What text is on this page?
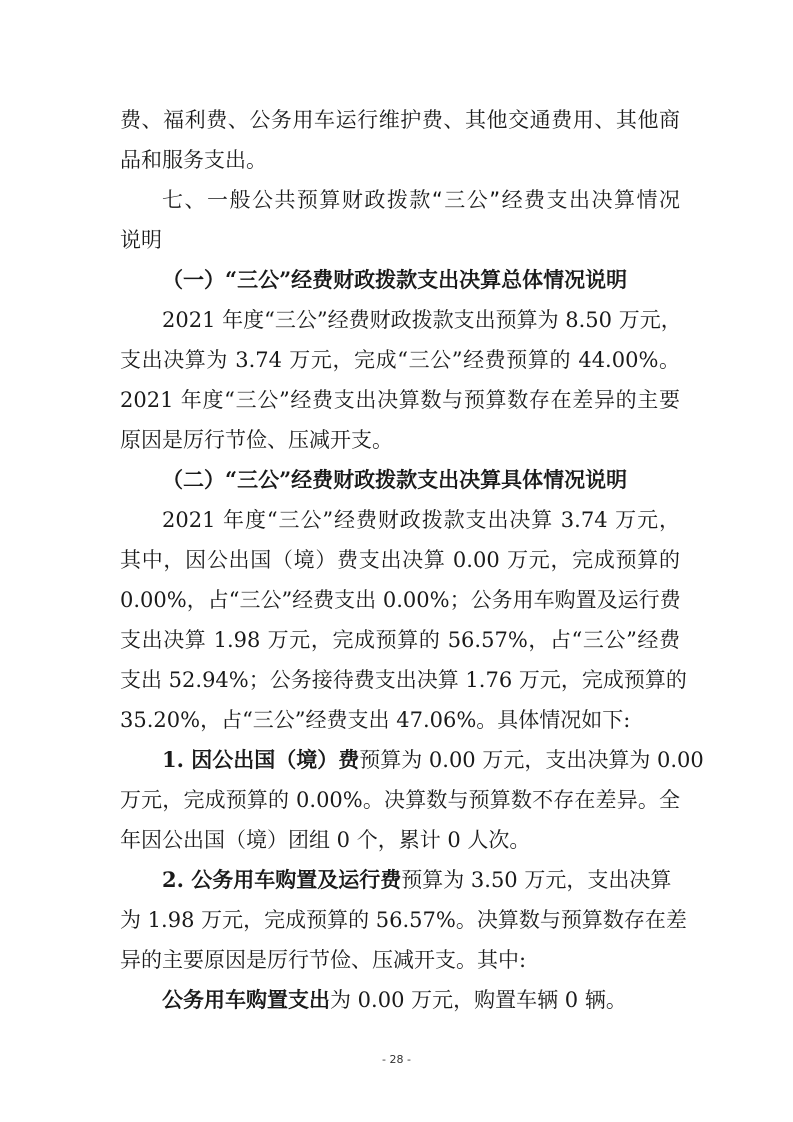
费、福利费、公务用车运行维护费、其他交通费用、其他商
品和服务支出。
七、一般公共预算财政拨款“三公”经费支出决算情况
说明
（一）“三公”经费财政拨款支出决算总体情况说明
2021 年度“三公”经费财政拨款支出预算为 8.50 万元，
支出决算为 3.74 万元，完成“三公”经费预算的 44.00%。
2021 年度“三公”经费支出决算数与预算数存在差异的主要
原因是厉行节俭、压减开支。
（二）“三公”经费财政拨款支出决算具体情况说明
2021 年度“三公”经费财政拨款支出决算 3.74 万元，
其中，因公出国（境）费支出决算 0.00 万元，完成预算的
0.00%，占“三公”经费支出 0.00%；公务用车购置及运行费
支出决算 1.98 万元，完成预算的 56.57%，占“三公”经费
支出 52.94%；公务接待费支出决算 1.76 万元，完成预算的
35.20%，占“三公”经费支出 47.06%。具体情况如下:
1. 因公出国（境）费预算为 0.00 万元，支出决算为 0.00
万元，完成预算的 0.00%。决算数与预算数不存在差异。全
年因公出国（境）团组 0 个，累计 0 人次。
2. 公务用车购置及运行费预算为 3.50 万元，支出决算
为 1.98 万元，完成预算的 56.57%。决算数与预算数存在差
异的主要原因是厉行节俭、压减开支。其中:
公务用车购置支出为 0.00 万元，购置车辆 0 辆。
- 28 -
